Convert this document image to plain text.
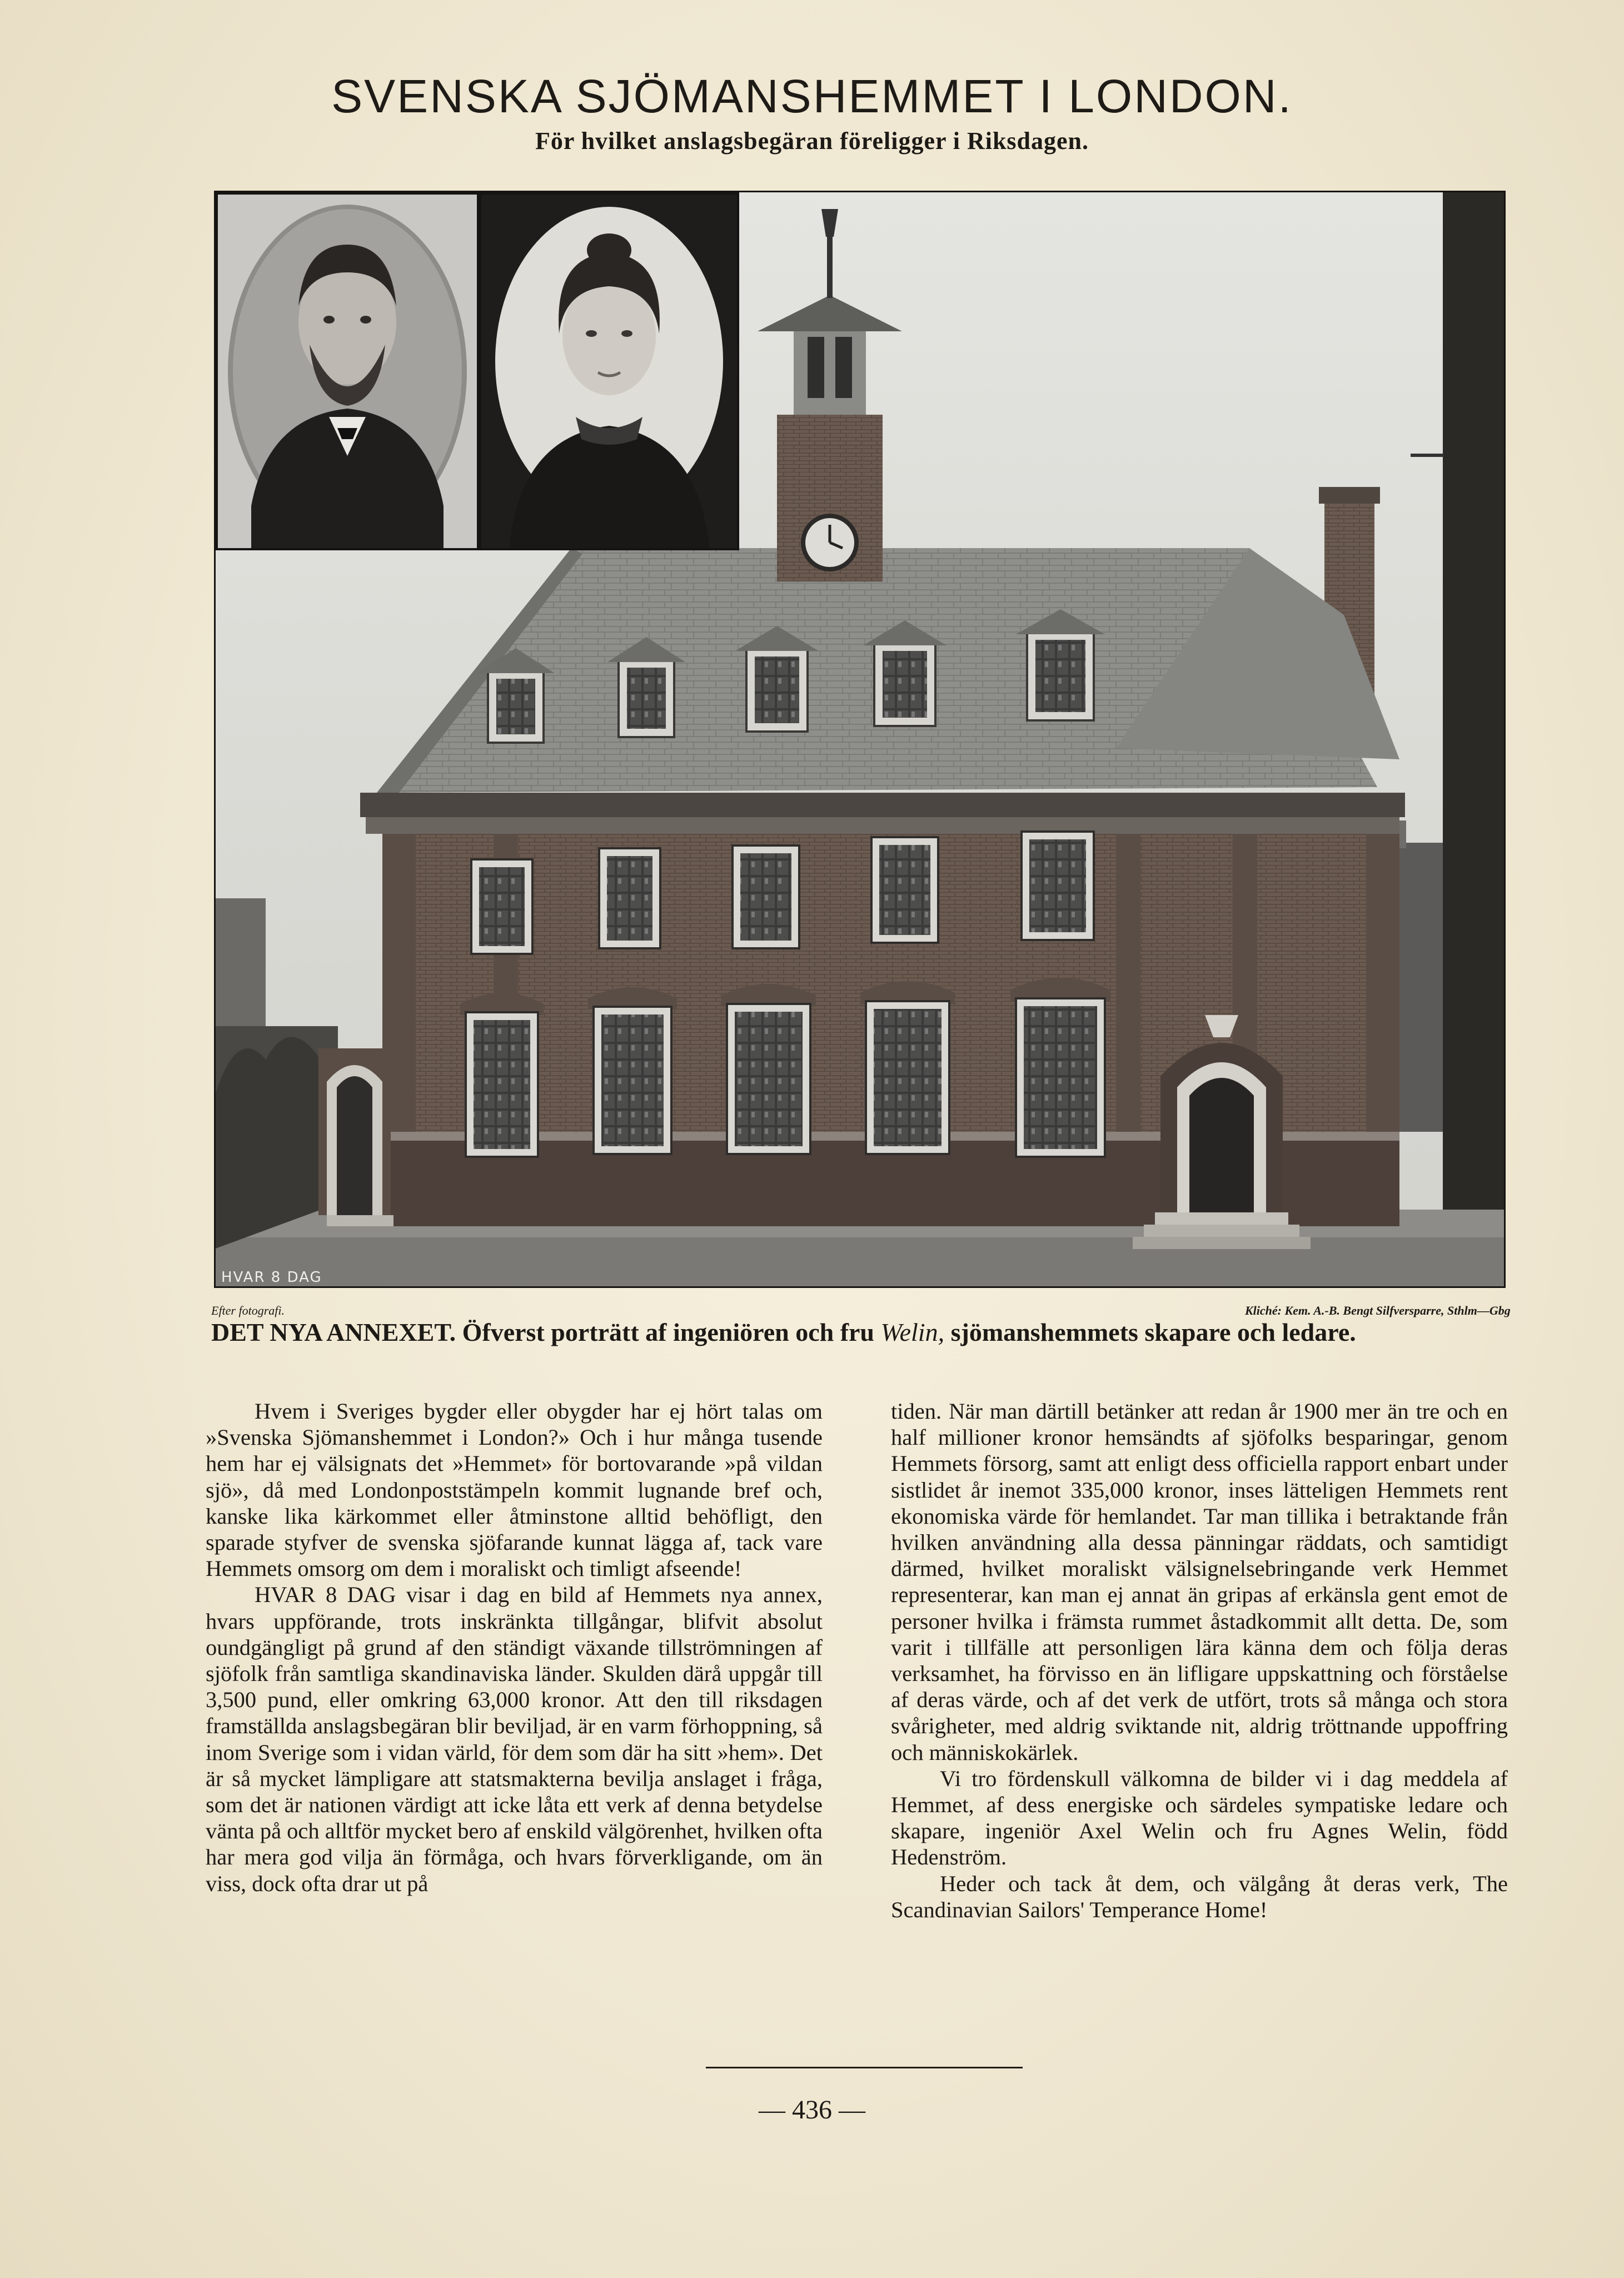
SVENSKA SJÖMANSHEMMET I LONDON.
För hvilket anslagsbegäran föreligger i Riksdagen.
HVAR 8 DAG
Efter fotografi.	Kliché: Kem. A.-B. Bengt Silfversparre, Sthlm—Gbg
DET NYA ANNEXET. Öfverst porträtt af ingeniören och fru Welin, sjömanshemmets skapare och ledare.

Hvem i Sveriges bygder eller obygder har ej hört talas om »Svenska Sjömanshemmet i London?» Och i hur många tusende hem har ej välsignats det »Hemmet» för bortovarande »på vildan sjö», då med Londonpoststämpeln kommit lugnande bref och, kanske lika kärkommet eller åtminstone alltid behöfligt, den sparade styfver de svenska sjöfarande kunnat lägga af, tack vare Hemmets omsorg om dem i moraliskt och timligt afseende!

HVAR 8 DAG visar i dag en bild af Hemmets nya annex, hvars uppförande, trots inskränkta tillgångar, blifvit absolut oundgängligt på grund af den ständigt växande tillströmningen af sjöfolk från samtliga skandinaviska länder. Skulden därå uppgår till 3,500 pund, eller omkring 63,000 kronor. Att den till riksdagen framställda anslagsbegäran blir beviljad, är en varm förhoppning, så inom Sverige som i vidan värld, för dem som där ha sitt »hem». Det är så mycket lämpligare att statsmakterna bevilja anslaget i fråga, som det är nationen värdigt att icke låta ett verk af denna betydelse vänta på och alltför mycket bero af enskild välgörenhet, hvilken ofta har mera god vilja än förmåga, och hvars förverkligande, om än viss, dock ofta drar ut på

tiden. När man därtill betänker att redan år 1900 mer än tre och en half millioner kronor hemsändts af sjöfolks besparingar, genom Hemmets försorg, samt att enligt dess officiella rapport enbart under sistlidet år inemot 335,000 kronor, inses lätteligen Hemmets rent ekonomiska värde för hemlandet. Tar man tillika i betraktande från hvilken användning alla dessa pänningar räddats, och samtidigt därmed, hvilket moraliskt välsignelsebringande verk Hemmet representerar, kan man ej annat än gripas af erkänsla gent emot de personer hvilka i främsta rummet åstadkommit allt detta. De, som varit i tillfälle att personligen lära känna dem och följa deras verksamhet, ha förvisso en än lifligare uppskattning och förståelse af deras värde, och af det verk de utfört, trots så många och stora svårigheter, med aldrig sviktande nit, aldrig tröttnande uppoffring och människokärlek.

Vi tro fördenskull välkomna de bilder vi i dag meddela af Hemmet, af dess energiske och särdeles sympatiske ledare och skapare, ingeniör Axel Welin och fru Agnes Welin, född Hedenström.

Heder och tack åt dem, och välgång åt deras verk, The Scandinavian Sailors' Temperance Home!

— 436 —
